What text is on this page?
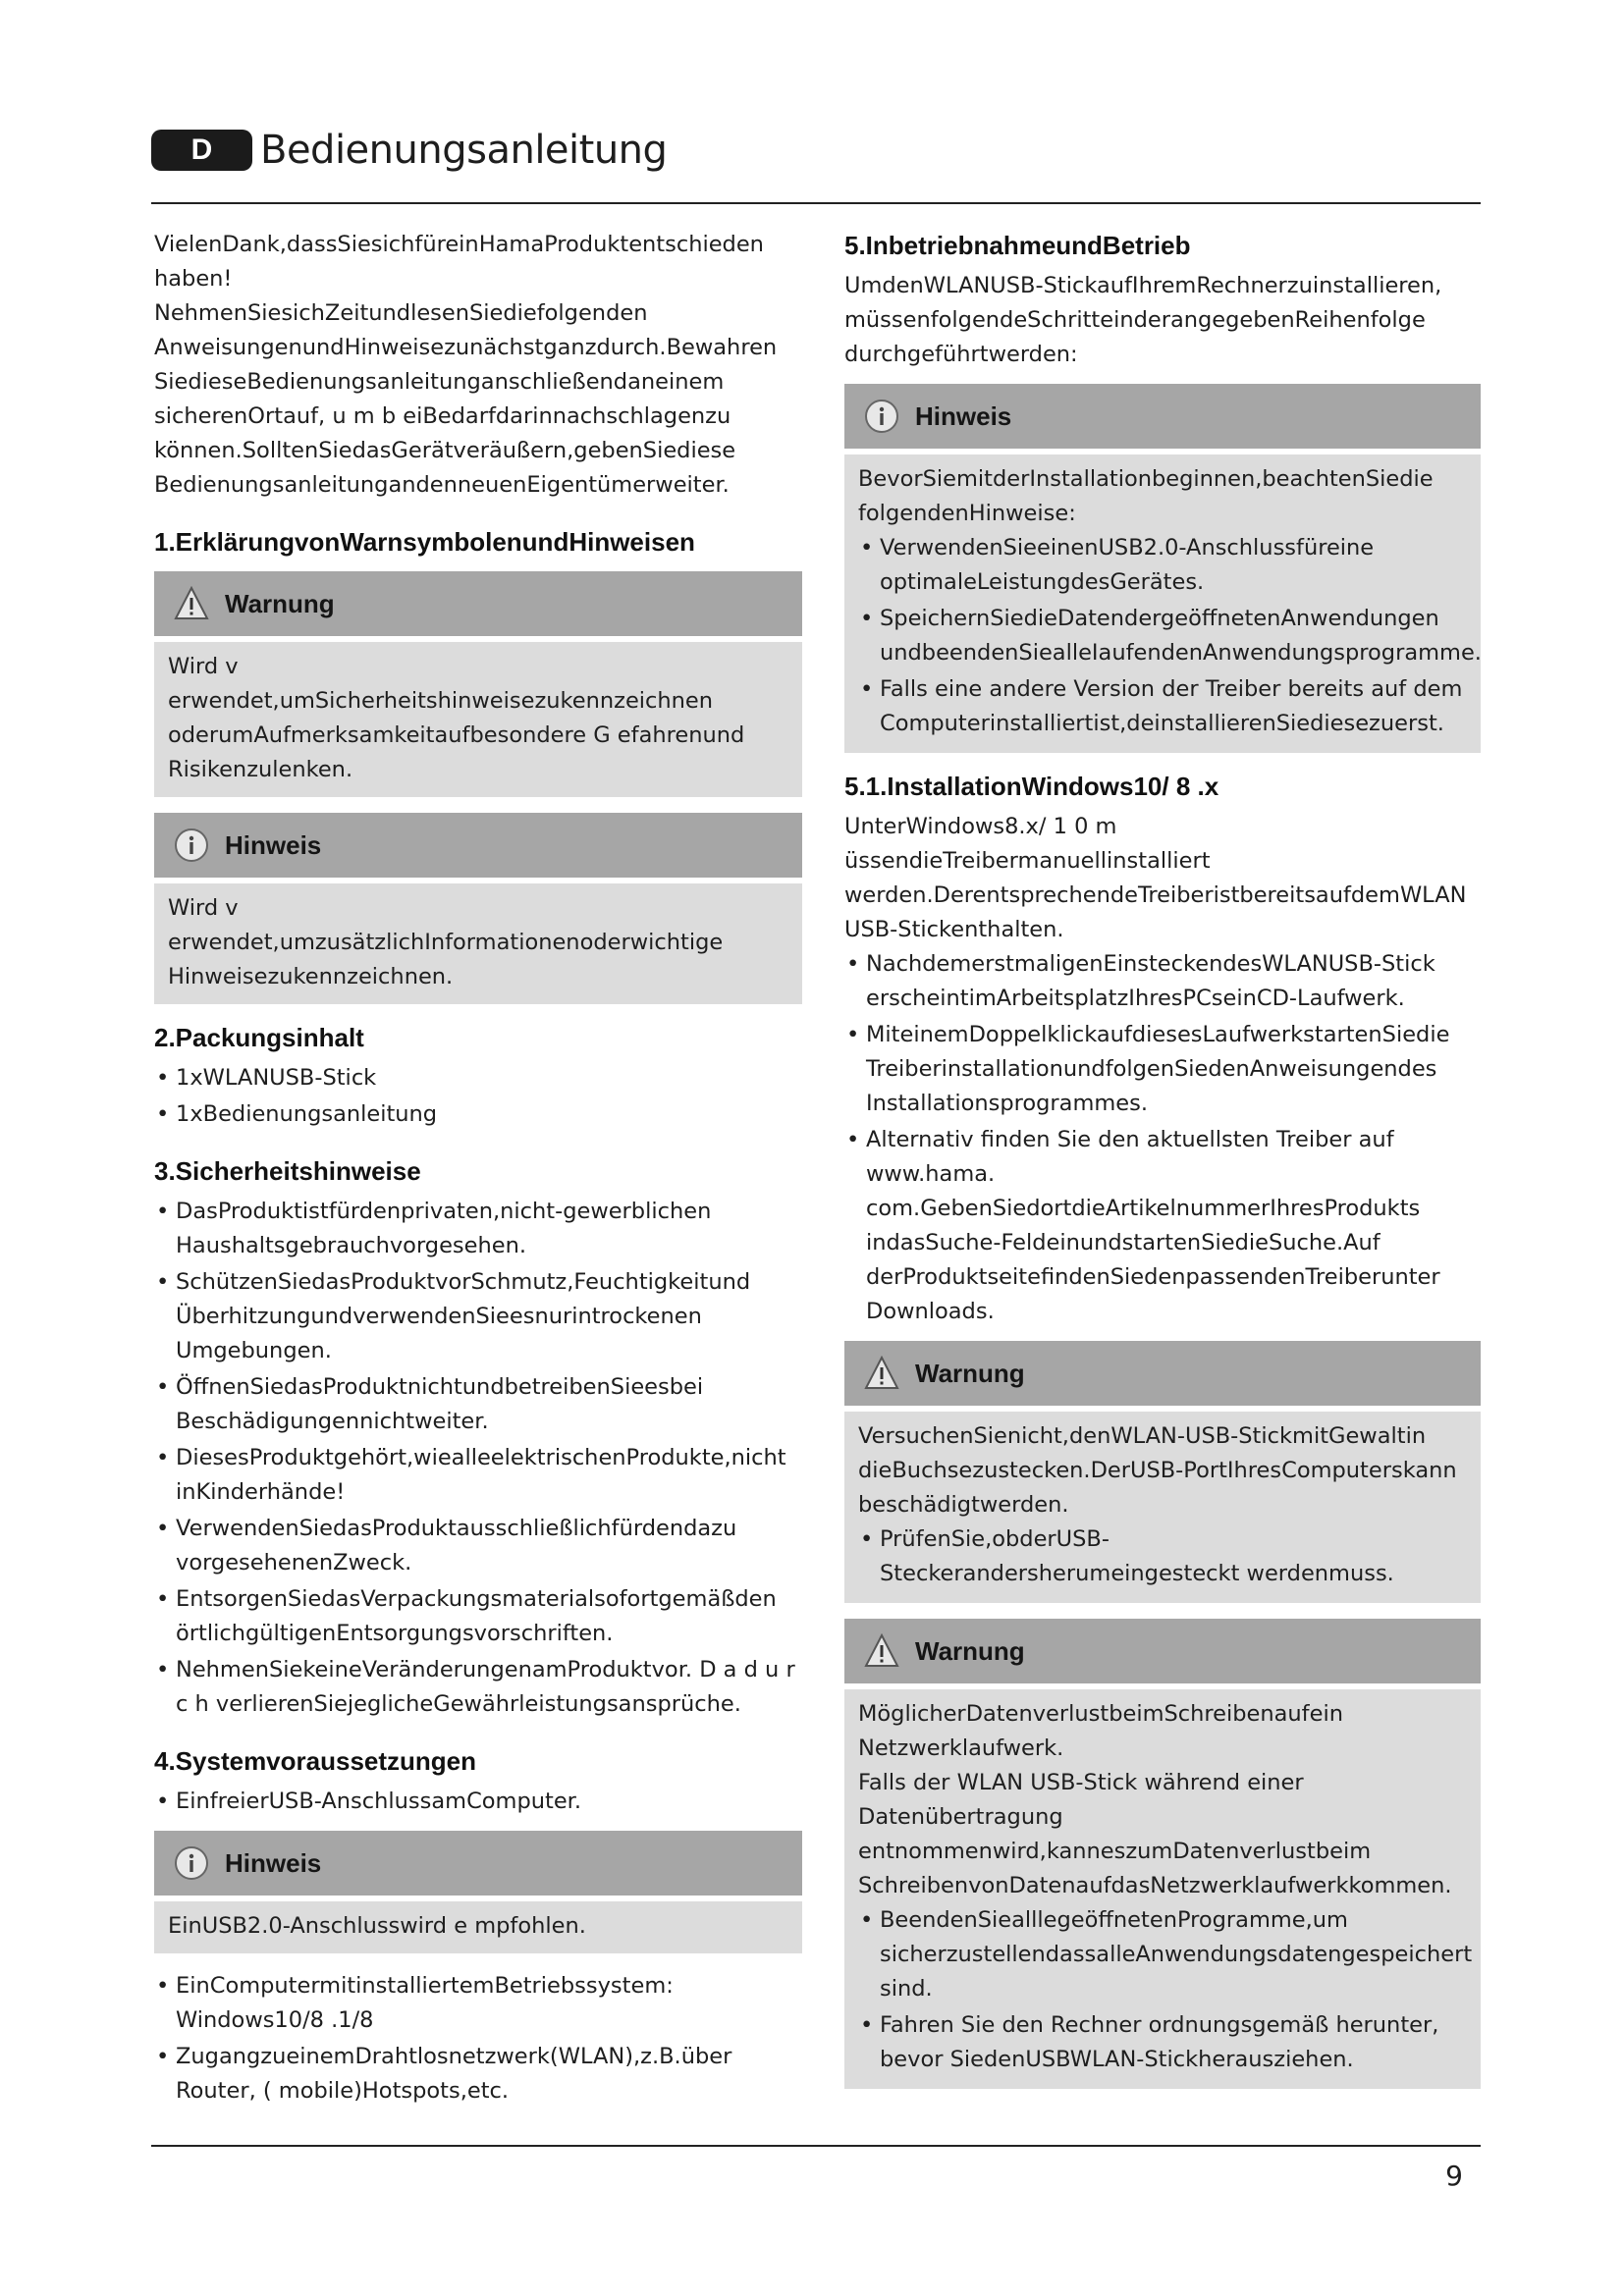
D	Bedienungsanleitung

VielenDank,dassSiesichfüreinHamaProduktentschieden haben!

NehmenSiesichZeitundlesenSiediefolgenden AnweisungenundHinweisezunächstganzdurch.Bewahren SiedieseBedienungsanleitunganschließendaneinem sicherenOrtauf, u m b eiBedarfdarinnachschlagenzu können.SolltenSiedasGerätveräußern,gebenSiediese BedienungsanleitungandenneuenEigentümerweiter.

1.ErklärungvonWarnsymbolenundHinweisen
Warnung

Wird v erwendet,umSicherheitshinweisezukennzeichnen oderumAufmerksamkeitaufbesondere G efahrenund Risikenzulenken.

Hinweis

Wird v erwendet,umzusätzlichInformationenoderwichtige Hinweisezukennzeichnen.

2.Packungsinhalt
• 1xWLANUSB-Stick
• 1xBedienungsanleitung
3.Sicherheitshinweise
• DasProduktistfürdenprivaten,nicht-gewerblichen Haushaltsgebrauchvorgesehen.
• SchützenSiedasProduktvorSchmutz,Feuchtigkeitund ÜberhitzungundverwendenSieesnurintrockenen Umgebungen.
• ÖffnenSiedasProduktnichtundbetreibenSieesbei Beschädigungennichtweiter.
• DiesesProduktgehört,wiealleelektrischenProdukte,nicht inKinderhände!
• VerwendenSiedasProduktausschließlichfürdendazu vorgesehenenZweck.
• EntsorgenSiedasVerpackungsmaterialsofortgemäßden örtlichgültigenEntsorgungsvorschriften.
• NehmenSiekeineVeränderungenamProduktvor. D a d u r c h verlierenSiejeglicheGewährleistungsansprüche.
4.Systemvoraussetzungen
• EinfreierUSB-AnschlussamComputer.
Hinweis

EinUSB2.0-Anschlusswird e mpfohlen.

• EinComputermitinstalliertemBetriebssystem: Windows10/8 .1/8
• ZugangzueinemDrahtlosnetzwerk(WLAN),z.B.über Router, ( mobile)Hotspots,etc.
5.InbetriebnahmeundBetrieb

UmdenWLANUSB-StickaufIhremRechnerzuinstallieren, müssenfolgendeSchritteinderangegebenReihenfolge durchgeführtwerden:

Hinweis

BevorSiemitderInstallationbeginnen,beachtenSiedie folgendenHinweise:

• VerwendenSieeinenUSB2.0-Anschlussfüreine optimaleLeistungdesGerätes.
• SpeichernSiedieDatendergeöffnetenAnwendungen undbeendenSiealleIaufendenAnwendungsprogramme.
• Falls eine andere Version der Treiber bereits auf dem Computerinstalliertist,deinstallierenSiediesezuerst.
5.1.InstallationWindows10/ 8 .x

UnterWindows8.x/ 1 0 m üssendieTreibermanuellinstalliert werden.DerentsprechendeTreiberistbereitsaufdemWLAN USB-Stickenthalten.

• NachdemerstmaligenEinsteckendesWLANUSB-Stick erscheintimArbeitsplatzIhresPCseinCD-Laufwerk.
• MiteinemDoppelklickaufdiesesLaufwerkstartenSiedie TreiberinstallationundfolgenSiedenAnweisungendes Installationsprogrammes.
• Alternativ finden Sie den aktuellsten Treiber auf www.hama. com.GebenSiedortdieArtikelnummerIhresProdukts indasSuche-FeldeinundstartenSiedieSuche.Auf derProduktseitefindenSiedenpassendenTreiberunter Downloads.
Warnung

VersuchenSienicht,denWLAN-USB-StickmitGewaltin dieBuchsezustecken.DerUSB-PortIhresComputerskann beschädigtwerden.

• PrüfenSie,obderUSB-Steckerandersherumeingesteckt werdenmuss.
Warnung

MöglicherDatenverlustbeimSchreibenaufein Netzwerklaufwerk.

Falls der WLAN USB-Stick während einer Datenübertragung entnommenwird,kanneszumDatenverlustbeim SchreibenvonDatenaufdasNetzwerklaufwerkkommen.

• BeendenSiealllegeöffnetenProgramme,um sicherzustellendassalleAnwendungsdatengespeichert sind.
• Fahren Sie den Rechner ordnungsgemäß herunter, bevor SiedenUSBWLAN-Stickherausziehen.
9
